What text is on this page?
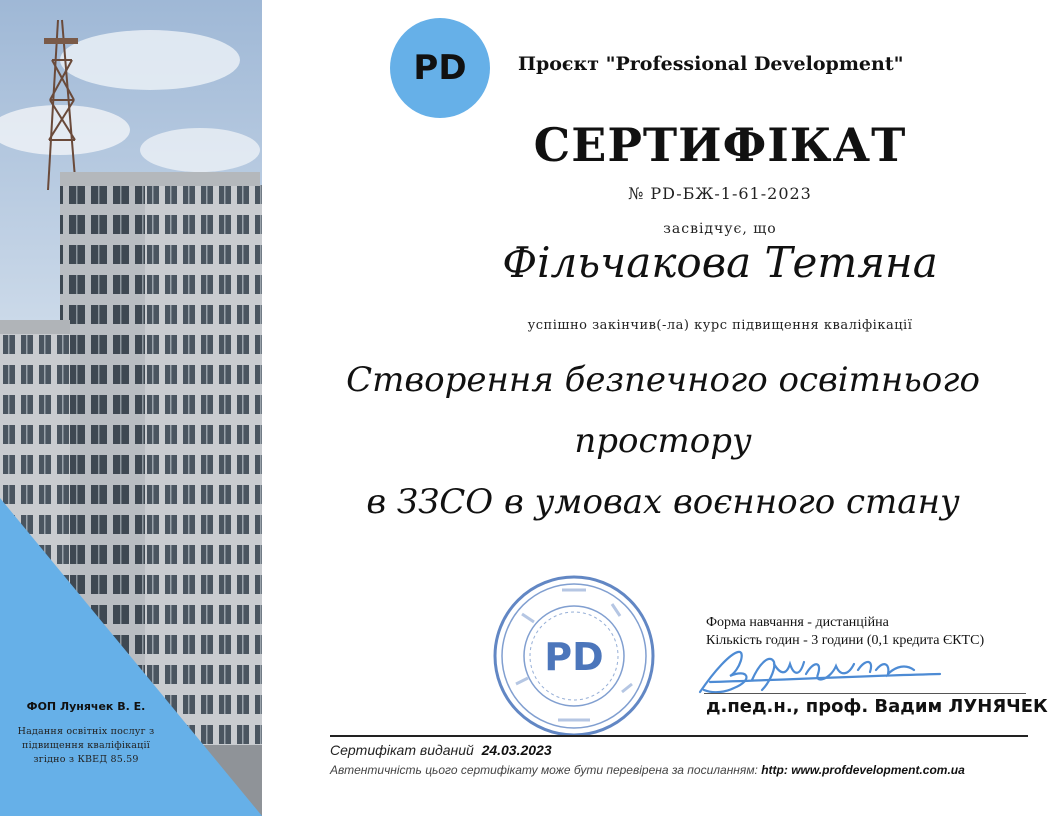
ФОП Лунячек В. Е.
Надання освітніх послуг з
підвищення кваліфікації
згідно з КВЕД 85.59
PD	Проєкт "Professional Development"
СЕРТИФІКАТ
№ PD-БЖ-1-61-2023
засвідчує, що
Фільчакова Тетяна
успішно закінчив(-ла) курс підвищення кваліфікації
Створення безпечного освітнього
простору
в ЗЗСО в умовах воєнного стану
PD
Форма навчання - дистанційна
Кількість годин - 3 години (0,1 кредита ЄКТС)
д.пед.н., проф. Вадим ЛУНЯЧЕК
Сертифікат виданий 24.03.2023
Автентичність цього сертифікату може бути перевірена за посиланням: http: www.profdevelopment.com.ua
